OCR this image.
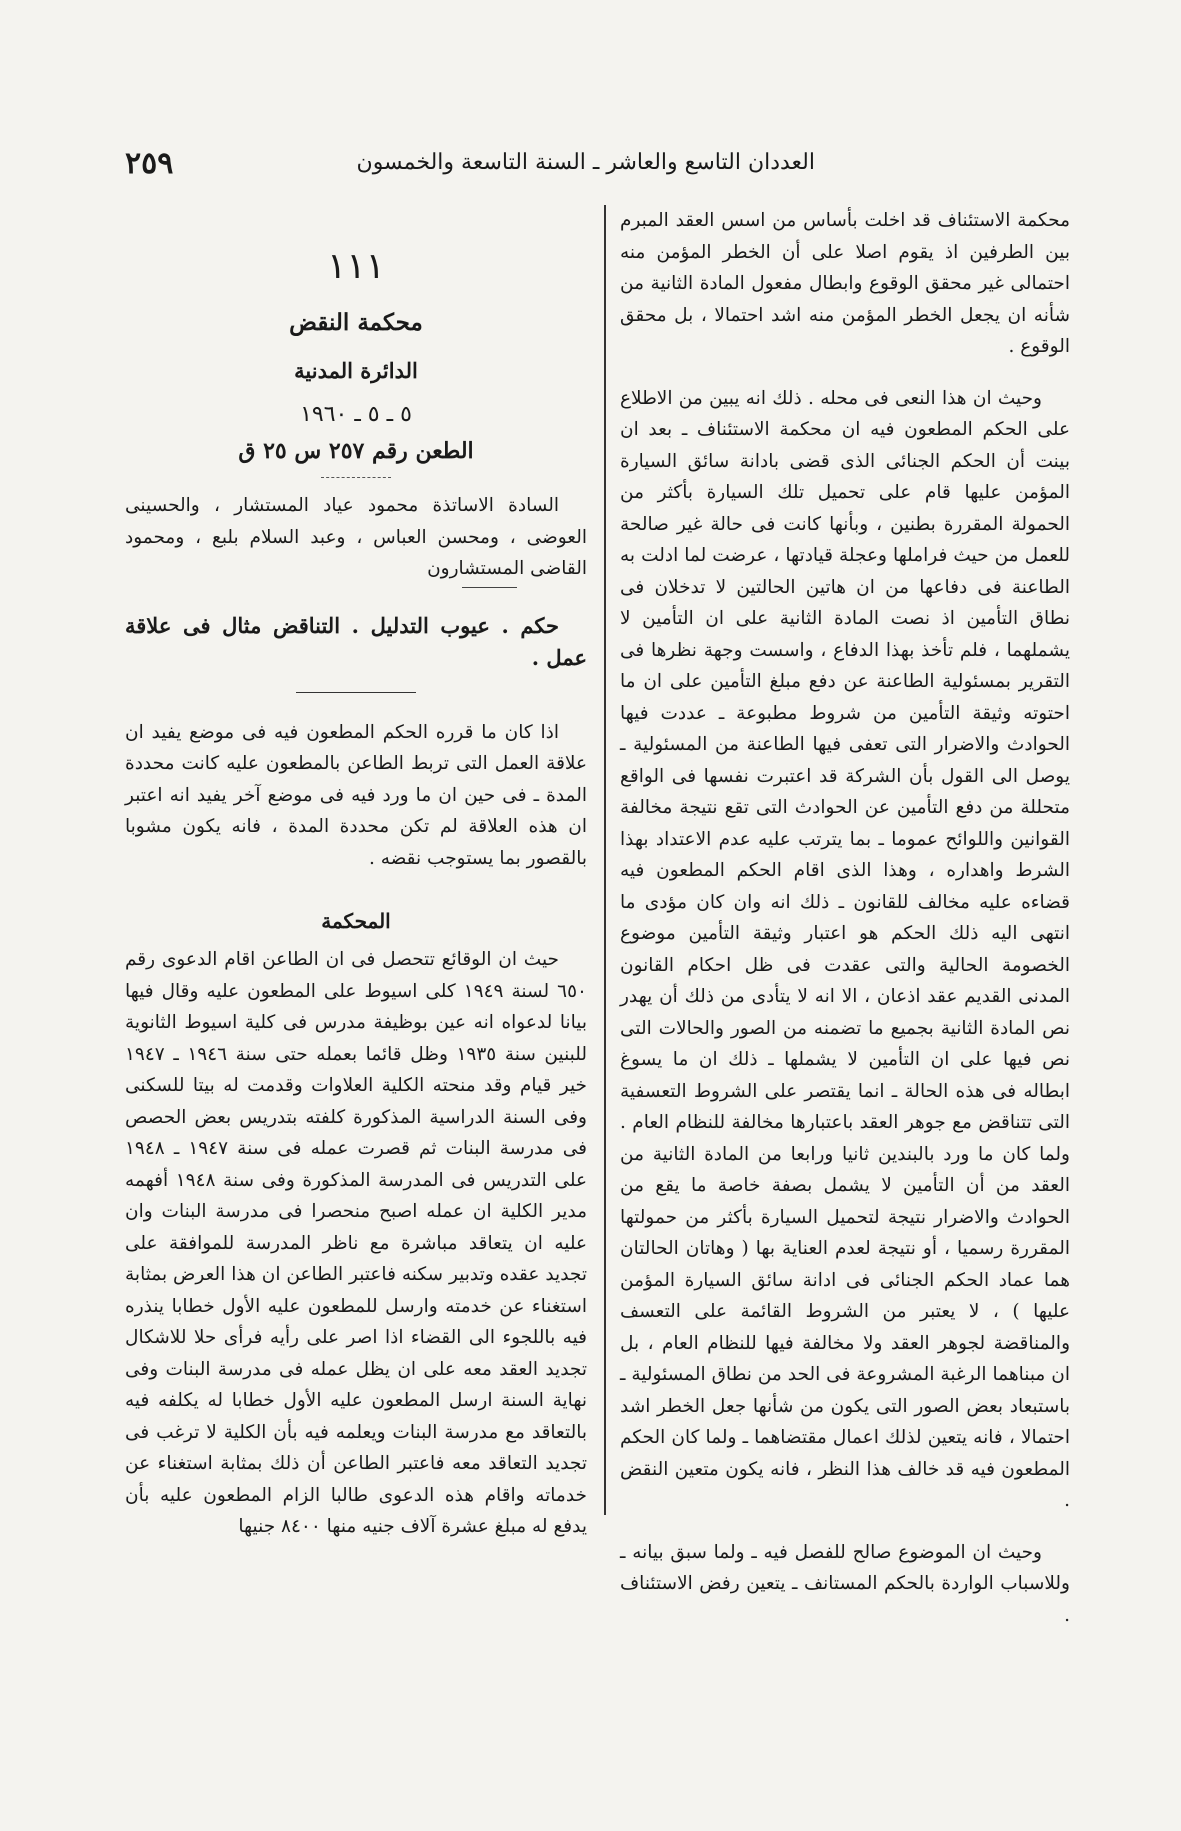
العددان التاسع والعاشر ـ السنة التاسعة والخمسون
٢٥٩

محكمة الاستئناف قد اخلت بأساس من اسس العقد المبرم بين الطرفين اذ يقوم اصلا على أن الخطر المؤمن منه احتمالى غير محقق الوقوع وابطال مفعول المادة الثانية من شأنه ان يجعل الخطر المؤمن منه اشد احتمالا ، بل محقق الوقوع .

وحيث ان هذا النعى فى محله . ذلك انه يبين من الاطلاع على الحكم المطعون فيه ان محكمة الاستئناف ـ بعد ان بينت أن الحكم الجنائى الذى قضى بادانة سائق السيارة المؤمن عليها قام على تحميل تلك السيارة بأكثر من الحمولة المقررة بطنين ، وبأنها كانت فى حالة غير صالحة للعمل من حيث فراملها وعجلة قيادتها ، عرضت لما ادلت به الطاعنة فى دفاعها من ان هاتين الحالتين لا تدخلان فى نطاق التأمين اذ نصت المادة الثانية على ان التأمين لا يشملهما ، فلم تأخذ بهذا الدفاع ، واسست وجهة نظرها فى التقرير بمسئولية الطاعنة عن دفع مبلغ التأمين على ان ما احتوته وثيقة التأمين من شروط مطبوعة ـ عددت فيها الحوادث والاضرار التى تعفى فيها الطاعنة من المسئولية ـ يوصل الى القول بأن الشركة قد اعتبرت نفسها فى الواقع متحللة من دفع التأمين عن الحوادث التى تقع نتيجة مخالفة القوانين واللوائح عموما ـ بما يترتب عليه عدم الاعتداد بهذا الشرط واهداره ، وهذا الذى اقام الحكم المطعون فيه قضاءه عليه مخالف للقانون ـ ذلك انه وان كان مؤدى ما انتهى اليه ذلك الحكم هو اعتبار وثيقة التأمين موضوع الخصومة الحالية والتى عقدت فى ظل احكام القانون المدنى القديم عقد اذعان ، الا انه لا يتأدى من ذلك أن يهدر نص المادة الثانية بجميع ما تضمنه من الصور والحالات التى نص فيها على ان التأمين لا يشملها ـ ذلك ان ما يسوغ ابطاله فى هذه الحالة ـ انما يقتصر على الشروط التعسفية التى تتناقض مع جوهر العقد باعتبارها مخالفة للنظام العام . ولما كان ما ورد بالبندين ثانيا ورابعا من المادة الثانية من العقد من أن التأمين لا يشمل بصفة خاصة ما يقع من الحوادث والاضرار نتيجة لتحميل السيارة بأكثر من حمولتها المقررة رسميا ، أو نتيجة لعدم العناية بها ( وهاتان الحالتان هما عماد الحكم الجنائى فى ادانة سائق السيارة المؤمن عليها ) ، لا يعتبر من الشروط القائمة على التعسف والمناقضة لجوهر العقد ولا مخالفة فيها للنظام العام ، بل ان مبناهما الرغبة المشروعة فى الحد من نطاق المسئولية ـ باستبعاد بعض الصور التى يكون من شأنها جعل الخطر اشد احتمالا ، فانه يتعين لذلك اعمال مقتضاهما ـ ولما كان الحكم المطعون فيه قد خالف هذا النظر ، فانه يكون متعين النقض .

وحيث ان الموضوع صالح للفصل فيه ـ ولما سبق بيانه ـ وللاسباب الواردة بالحكم المستانف ـ يتعين رفض الاستئناف .

١١١
محكمة النقض
الدائرة المدنية
٥ ـ ٥ ـ ١٩٦٠
الطعن رقم ٢٥٧ س ٢٥ ق
السادة الاساتذة محمود عياد المستشار ، والحسينى العوضى ، ومحسن العباس ، وعبد السلام بلبع ، ومحمود القاضى المستشارون
حكم . عيوب التدليل . التناقض مثال فى علاقة عمل .

اذا كان ما قرره الحكم المطعون فيه فى موضع يفيد ان علاقة العمل التى تربط الطاعن بالمطعون عليه كانت محددة المدة ـ فى حين ان ما ورد فيه فى موضع آخر يفيد انه اعتبر ان هذه العلاقة لم تكن محددة المدة ، فانه يكون مشوبا بالقصور بما يستوجب نقضه .

المحكمة

حيث ان الوقائع تتحصل فى ان الطاعن اقام الدعوى رقم ٦٥٠ لسنة ١٩٤٩ كلى اسيوط على المطعون عليه وقال فيها بيانا لدعواه انه عين بوظيفة مدرس فى كلية اسيوط الثانوية للبنين سنة ١٩٣٥ وظل قائما بعمله حتى سنة ١٩٤٦ ـ ١٩٤٧ خير قيام وقد منحته الكلية العلاوات وقدمت له بيتا للسكنى وفى السنة الدراسية المذكورة كلفته بتدريس بعض الحصص فى مدرسة البنات ثم قصرت عمله فى سنة ١٩٤٧ ـ ١٩٤٨ على التدريس فى المدرسة المذكورة وفى سنة ١٩٤٨ أفهمه مدير الكلية ان عمله اصبح منحصرا فى مدرسة البنات وان عليه ان يتعاقد مباشرة مع ناظر المدرسة للموافقة على تجديد عقده وتدبير سكنه فاعتبر الطاعن ان هذا العرض بمثابة استغناء عن خدمته وارسل للمطعون عليه الأول خطابا ينذره فيه باللجوء الى القضاء اذا اصر على رأيه فرأى حلا للاشكال تجديد العقد معه على ان يظل عمله فى مدرسة البنات وفى نهاية السنة ارسل المطعون عليه الأول خطابا له يكلفه فيه بالتعاقد مع مدرسة البنات ويعلمه فيه بأن الكلية لا ترغب فى تجديد التعاقد معه فاعتبر الطاعن أن ذلك بمثابة استغناء عن خدماته واقام هذه الدعوى طالبا الزام المطعون عليه بأن يدفع له مبلغ عشرة آلاف جنيه منها ٨٤٠٠ جنيها
